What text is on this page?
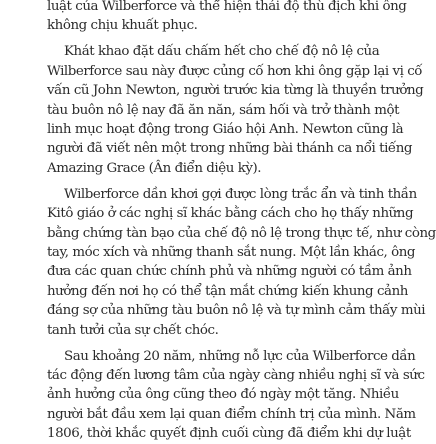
luật của Wilberforce và thể hiện thái độ thù địch khi ông
không chịu khuất phục.
Khát khao đặt dấu chấm hết cho chế độ nô lệ của
Wilberforce sau này được củng cố hơn khi ông gặp lại vị cố
vấn cũ John Newton, người trước kia từng là thuyền trưởng
tàu buôn nô lệ nay đã ăn năn, sám hối và trở thành một
linh mục hoạt động trong Giáo hội Anh. Newton cũng là
người đã viết nên một trong những bài thánh ca nổi tiếng
Amazing Grace (Ân điển diệu kỳ).
Wilberforce dần khơi gợi được lòng trắc ẩn và tinh thần
Kitô giáo ở các nghị sĩ khác bằng cách cho họ thấy những
bằng chứng tàn bạo của chế độ nô lệ trong thực tế, như còng
tay, móc xích và những thanh sắt nung. Một lần khác, ông
đưa các quan chức chính phủ và những người có tầm ảnh
hưởng đến nơi họ có thể tận mắt chứng kiến khung cảnh
đáng sợ của những tàu buôn nô lệ và tự mình cảm thấy mùi
tanh tưởi của sự chết chóc.
Sau khoảng 20 năm, những nỗ lực của Wilberforce dần
tác động đến lương tâm của ngày càng nhiều nghị sĩ và sức
ảnh hưởng của ông cũng theo đó ngày một tăng. Nhiều
người bắt đầu xem lại quan điểm chính trị của mình. Năm
1806, thời khắc quyết định cuối cùng đã điểm khi dự luật
